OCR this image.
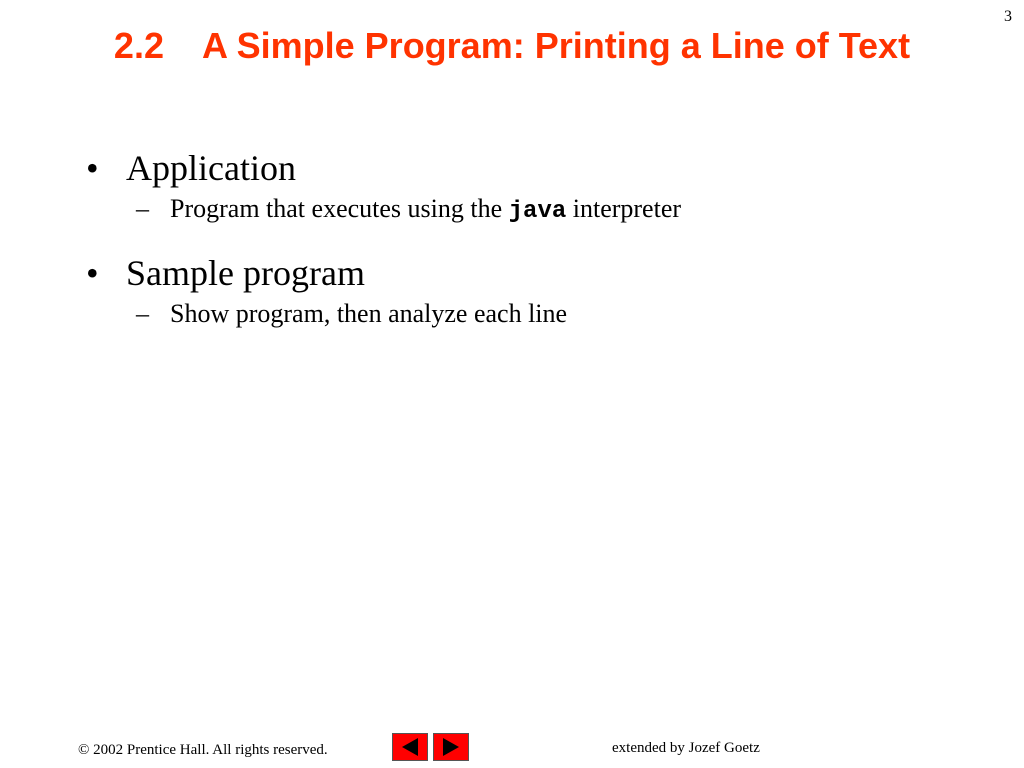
3
2.2 A Simple Program: Printing a Line of Text
• Application
– Program that executes using the java interpreter
• Sample program
– Show program, then analyze each line
© 2002 Prentice Hall. All rights reserved.	extended by Jozef Goetz
